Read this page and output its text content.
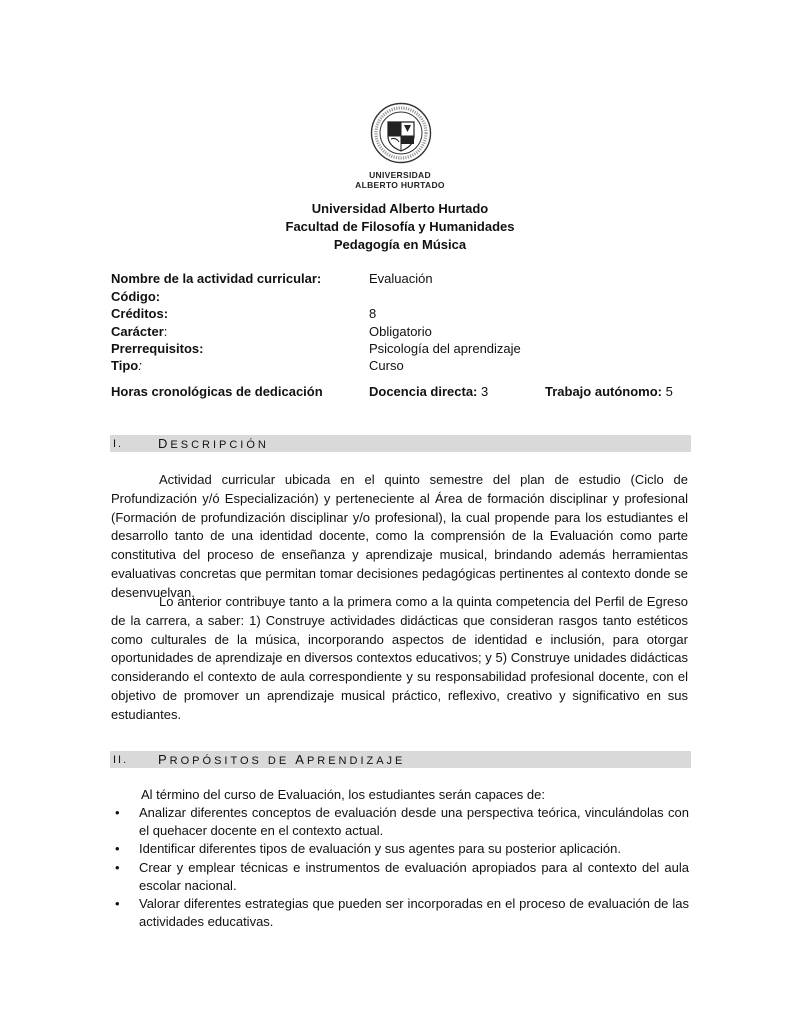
UNIVERSIDAD
ALBERTO HURTADO
Universidad Alberto Hurtado
Facultad de Filosofía y Humanidades
Pedagogía en Música
Nombre de la actividad curricular:	Evaluación
Código:
Créditos:	8
Carácter:	Obligatorio
Prerrequisitos:	Psicología del aprendizaje
Tipo:	Curso
Horas cronológicas de dedicación	Docencia directa: 3	Trabajo autónomo: 5
I.	DESCRIPCIÓN

Actividad curricular ubicada en el quinto semestre del plan de estudio (Ciclo de Profundización y/ó Especialización) y perteneciente al Área de formación disciplinar y profesional (Formación de profundización disciplinar y/o profesional), la cual propende para los estudiantes el desarrollo tanto de una identidad docente, como la comprensión de la Evaluación como parte constitutiva del proceso de enseñanza y aprendizaje musical, brindando además herramientas evaluativas concretas que permitan tomar decisiones pedagógicas pertinentes al contexto donde se desenvuelvan.

Lo anterior contribuye tanto a la primera como a la quinta competencia del Perfil de Egreso de la carrera, a saber: 1) Construye actividades didácticas que consideran rasgos tanto estéticos como culturales de la música, incorporando aspectos de identidad e inclusión, para otorgar oportunidades de aprendizaje en diversos contextos educativos; y 5) Construye unidades didácticas considerando el contexto de aula correspondiente y su responsabilidad profesional docente, con el objetivo de promover un aprendizaje musical práctico, reflexivo, creativo y significativo en sus estudiantes.

II. PROPÓSITOS DE APRENDIZAJE

Al término del curso de Evaluación, los estudiantes serán capaces de:

• Analizar diferentes conceptos de evaluación desde una perspectiva teórica, vinculándolas con el quehacer docente en el contexto actual.
• Identificar diferentes tipos de evaluación y sus agentes para su posterior aplicación.
• Crear y emplear técnicas e instrumentos de evaluación apropiados para al contexto del aula escolar nacional.
• Valorar diferentes estrategias que pueden ser incorporadas en el proceso de evaluación de las actividades educativas.
